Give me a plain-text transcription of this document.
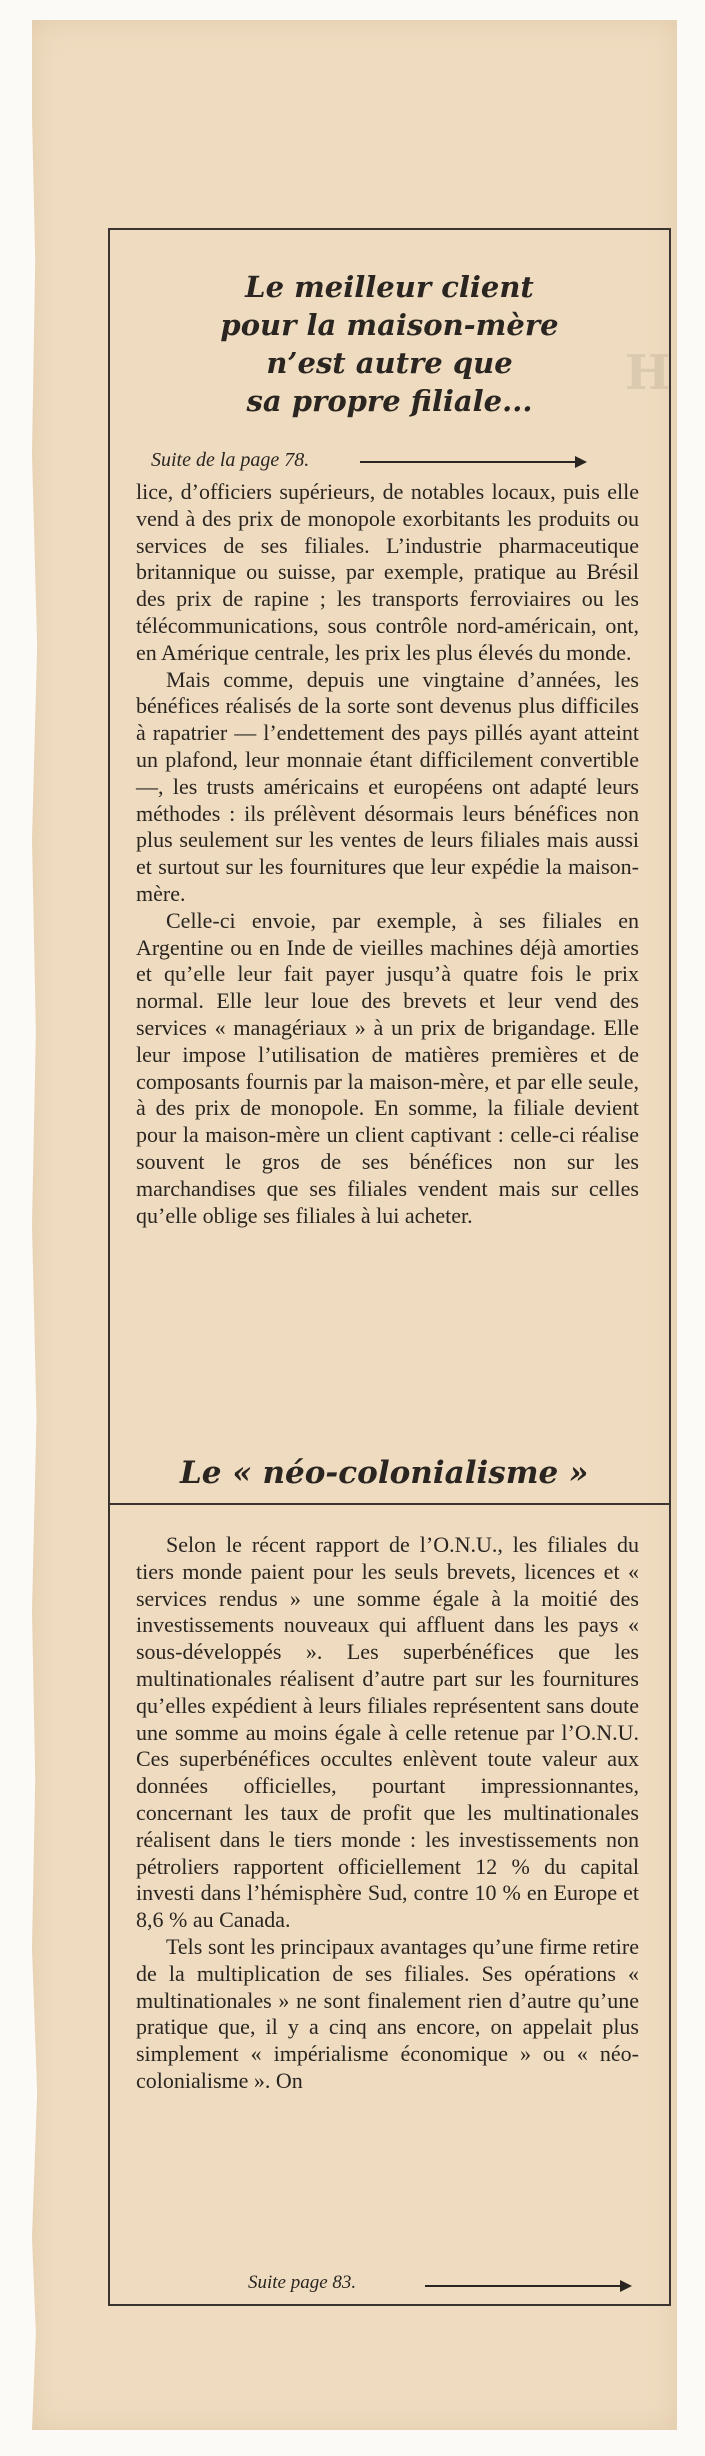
H
Le meilleur client
pour la maison-mère
n’est autre que
sa propre filiale...
Suite de la page 78.

lice, d’officiers supérieurs, de notables locaux, puis elle vend à des prix de monopole exorbitants les produits ou services de ses filiales. L’industrie pharmaceutique britannique ou suisse, par exemple, pratique au Brésil des prix de rapine ; les transports ferroviaires ou les télécommunications, sous contrôle nord-américain, ont, en Amérique centrale, les prix les plus élevés du monde.

Mais comme, depuis une vingtaine d’années, les bénéfices réalisés de la sorte sont devenus plus difficiles à rapatrier — l’endettement des pays pillés ayant atteint un plafond, leur monnaie étant difficilement convertible —, les trusts américains et européens ont adapté leurs méthodes : ils prélèvent désormais leurs bénéfices non plus seulement sur les ventes de leurs filiales mais aussi et surtout sur les fournitures que leur expédie la maison-mère.

Celle-ci envoie, par exemple, à ses filiales en Argentine ou en Inde de vieilles machines déjà amorties et qu’elle leur fait payer jusqu’à quatre fois le prix normal. Elle leur loue des brevets et leur vend des services « managériaux » à un prix de brigandage. Elle leur impose l’utilisation de matières premières et de composants fournis par la maison-mère, et par elle seule, à des prix de monopole. En somme, la filiale devient pour la maison-mère un client captivant : celle-ci réalise souvent le gros de ses bénéfices non sur les marchandises que ses filiales vendent mais sur celles qu’elle oblige ses filiales à lui acheter.

Le « néo-colonialisme »

Selon le récent rapport de l’O.N.U., les filiales du tiers monde paient pour les seuls brevets, licences et « services rendus » une somme égale à la moitié des investissements nouveaux qui affluent dans les pays « sous-développés ». Les superbénéfices que les multinationales réalisent d’autre part sur les fournitures qu’elles expédient à leurs filiales représentent sans doute une somme au moins égale à celle retenue par l’O.N.U. Ces superbénéfices occultes enlèvent toute valeur aux données officielles, pourtant impressionnantes, concernant les taux de profit que les multinationales réalisent dans le tiers monde : les investissements non pétroliers rapportent officiellement 12 % du capital investi dans l’hémisphère Sud, contre 10 % en Europe et 8,6 % au Canada.

Tels sont les principaux avantages qu’une firme retire de la multiplication de ses filiales. Ses opérations « multinationales » ne sont finalement rien d’autre qu’une pratique que, il y a cinq ans encore, on appelait plus simplement « impérialisme économique » ou « néo-colonialisme ». On

Suite page 83.
